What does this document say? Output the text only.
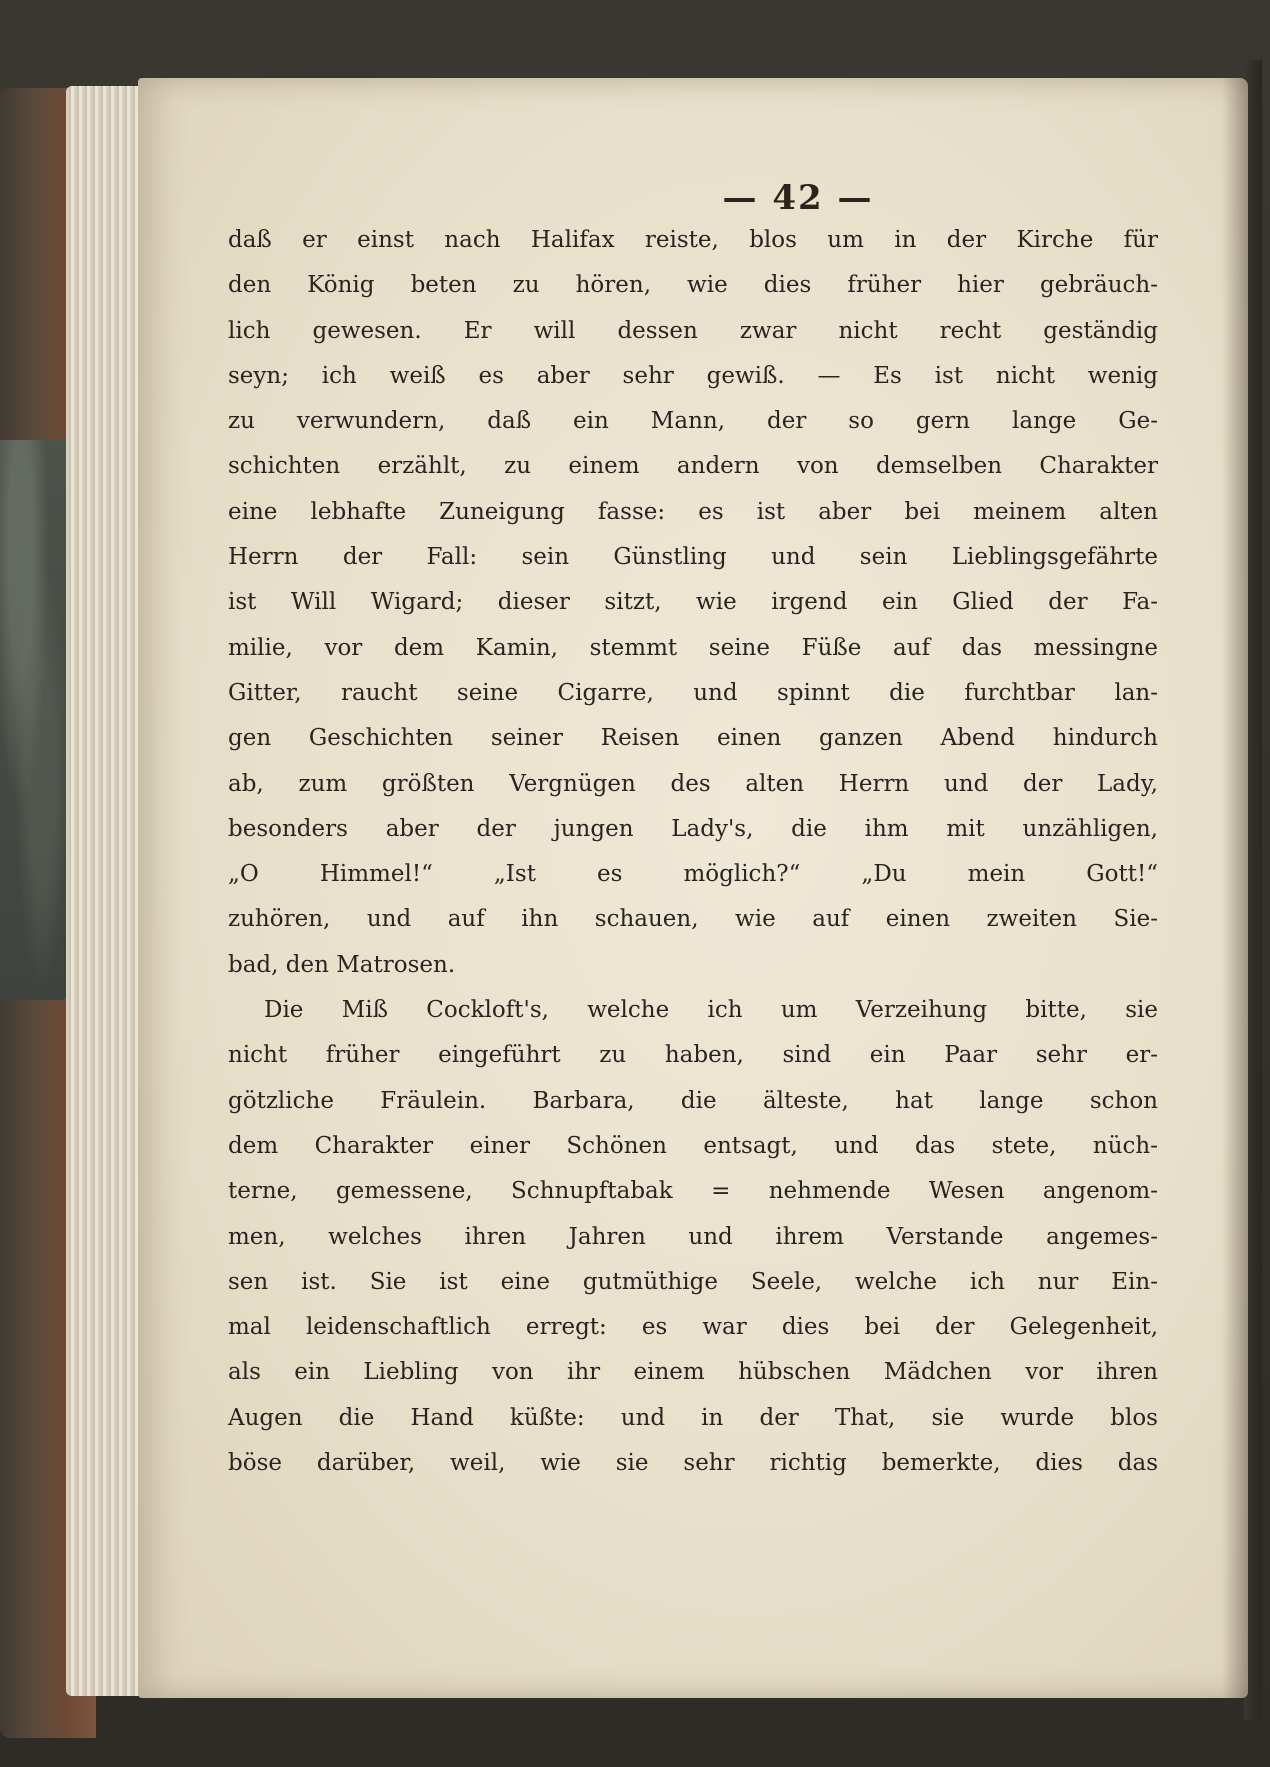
— 42 —
daß er einst nach Halifax reiste, blos um in der Kirche für
den König beten zu hören, wie dies früher hier gebräuch-
lich gewesen. Er will dessen zwar nicht recht geständig
seyn; ich weiß es aber sehr gewiß. — Es ist nicht wenig
zu verwundern, daß ein Mann, der so gern lange Ge-
schichten erzählt, zu einem andern von demselben Charakter
eine lebhafte Zuneigung fasse: es ist aber bei meinem alten
Herrn der Fall: sein Günstling und sein Lieblingsgefährte
ist Will Wigard; dieser sitzt, wie irgend ein Glied der Fa-
milie, vor dem Kamin, stemmt seine Füße auf das messingne
Gitter, raucht seine Cigarre, und spinnt die furchtbar lan-
gen Geschichten seiner Reisen einen ganzen Abend hindurch
ab, zum größten Vergnügen des alten Herrn und der Lady,
besonders aber der jungen Lady's, die ihm mit unzähligen,
„O Himmel!“ „Ist es möglich?“ „Du mein Gott!“
zuhören, und auf ihn schauen, wie auf einen zweiten Sie-
bad, den Matrosen.
Die Miß Cockloft's, welche ich um Verzeihung bitte, sie
nicht früher eingeführt zu haben, sind ein Paar sehr er-
götzliche Fräulein. Barbara, die älteste, hat lange schon
dem Charakter einer Schönen entsagt, und das stete, nüch-
terne, gemessene, Schnupftabak = nehmende Wesen angenom-
men, welches ihren Jahren und ihrem Verstande angemes-
sen ist. Sie ist eine gutmüthige Seele, welche ich nur Ein-
mal leidenschaftlich erregt: es war dies bei der Gelegenheit,
als ein Liebling von ihr einem hübschen Mädchen vor ihren
Augen die Hand küßte: und in der That, sie wurde blos
böse darüber, weil, wie sie sehr richtig bemerkte, dies das
